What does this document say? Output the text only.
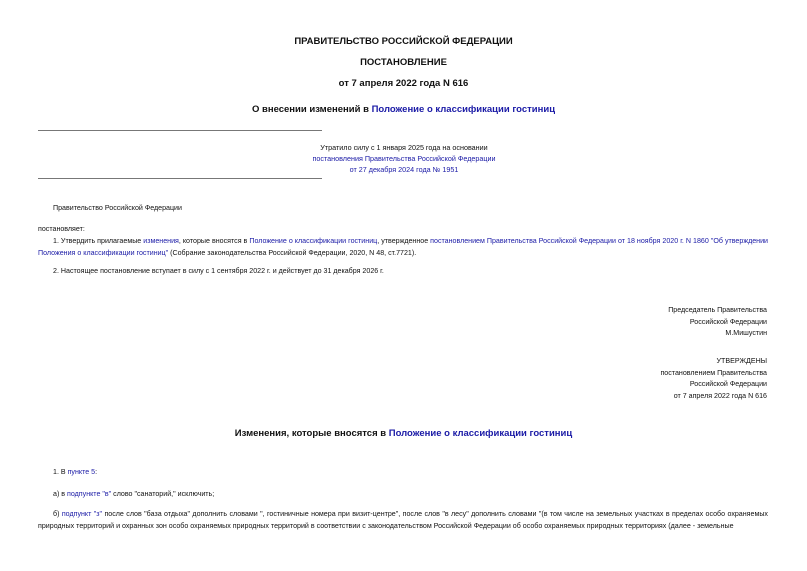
ПРАВИТЕЛЬСТВО РОССИЙСКОЙ ФЕДЕРАЦИИ
ПОСТАНОВЛЕНИЕ
от 7 апреля 2022 года N 616
О внесении изменений в Положение о классификации гостиниц
Утратило силу с 1 января 2025 года на основании
постановления Правительства Российской Федерации
от 27 декабря 2024 года № 1951
Правительство Российской Федерации
постановляет:
1. Утвердить прилагаемые изменения, которые вносятся в Положение о классификации гостиниц, утвержденное постановлением Правительства Российской Федерации от 18 ноября 2020 г. N 1860 "Об утверждении Положения о классификации гостиниц" (Собрание законодательства Российской Федерации, 2020, N 48, ст.7721).
2. Настоящее постановление вступает в силу с 1 сентября 2022 г. и действует до 31 декабря 2026 г.
Председатель Правительства
Российской Федерации
М.Мишустин
УТВЕРЖДЕНЫ
постановлением Правительства
Российской Федерации
от 7 апреля 2022 года N 616
Изменения, которые вносятся в Положение о классификации гостиниц
1. В пункте 5:
а) в подпункте "в" слово "санаторий," исключить;
б) подпункт "з" после слов "база отдыха" дополнить словами ", гостиничные номера при визит-центре", после слов "в лесу" дополнить словами "(в том числе на земельных участках в пределах особо охраняемых природных территорий и охранных зон особо охраняемых природных территорий в соответствии с законодательством Российской Федерации об особо охраняемых природных территориях (далее - земельные
